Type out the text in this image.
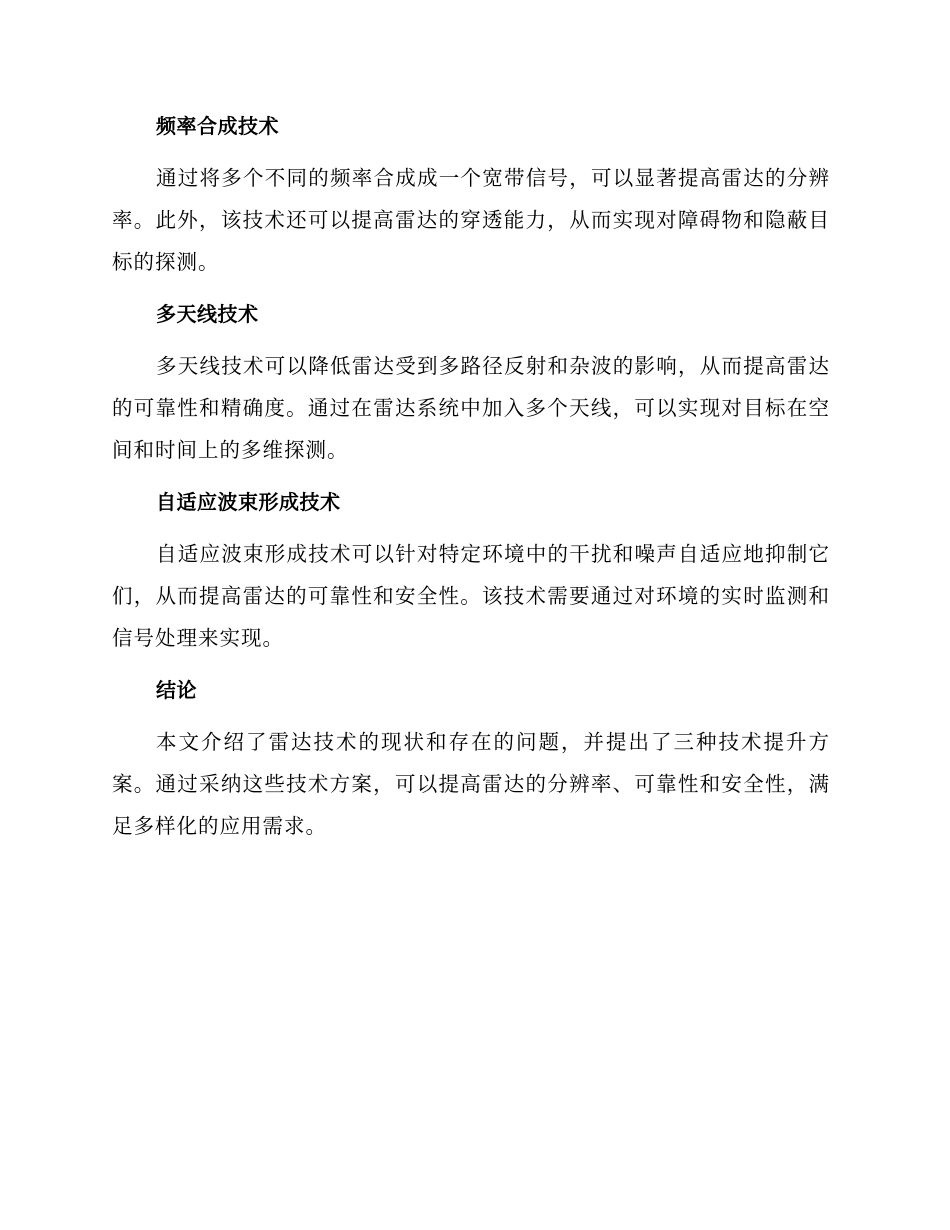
频率合成技术

通过将多个不同的频率合成成一个宽带信号，可以显著提高雷达的分辨率。此外，该技术还可以提高雷达的穿透能力，从而实现对障碍物和隐蔽目标的探测。

多天线技术

多天线技术可以降低雷达受到多路径反射和杂波的影响，从而提高雷达的可靠性和精确度。通过在雷达系统中加入多个天线，可以实现对目标在空间和时间上的多维探测。

自适应波束形成技术

自适应波束形成技术可以针对特定环境中的干扰和噪声自适应地抑制它们，从而提高雷达的可靠性和安全性。该技术需要通过对环境的实时监测和信号处理来实现。

结论

本文介绍了雷达技术的现状和存在的问题，并提出了三种技术提升方案。通过采纳这些技术方案，可以提高雷达的分辨率、可靠性和安全性，满足多样化的应用需求。
